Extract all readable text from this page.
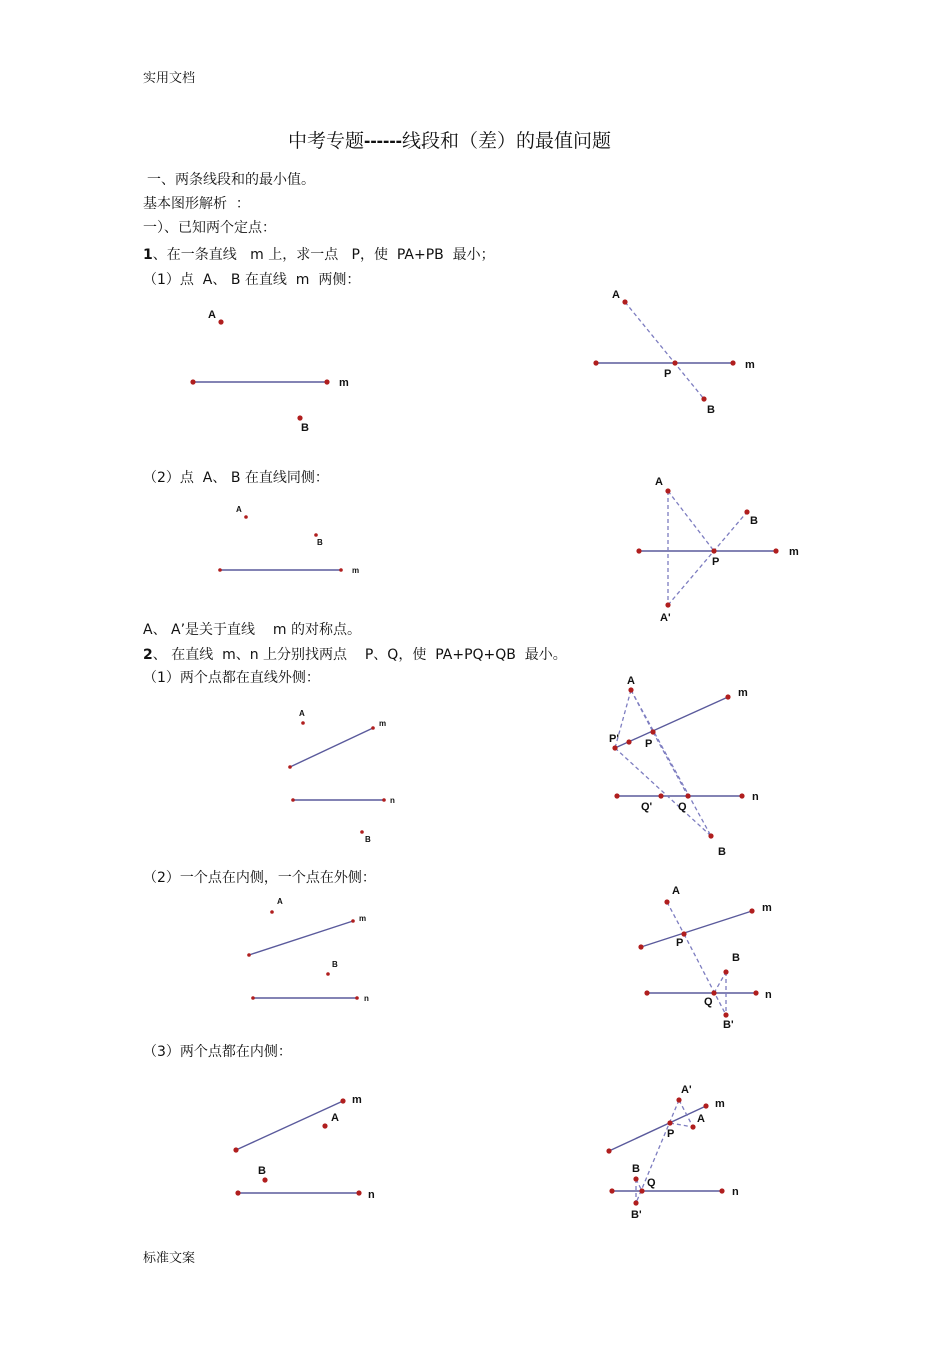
实用文档
标准文案
中考专题------线段和（差）的最值问题
一、两条线段和的最小值。
基本图形解析  ：
一）、已知两个定点：
1、在一条直线   m 上，求一点   P，使  PA+PB  最小；
（1）点  A、 B 在直线  m  两侧：
（2）点  A、 B 在直线同侧：
A、 A’是关于直线    m 的对称点。
2、 在直线  m、n 上分别找两点    P、Q，使  PA+PQ+QB  最小。
（1）两个点都在直线外侧：
（2）一个点在内侧，一个点在外侧：
（3）两个点都在内侧：
A
m
B
A
m
P
B
A
m
B
A
B
m
P
A'
A
m
n
B
A
m
P' P
n
Q' Q
B
A
m
B
n
A
m
P
B
n
Q
B'
m
A
B
n
A'
m
A
P
B
Q
n
B'
